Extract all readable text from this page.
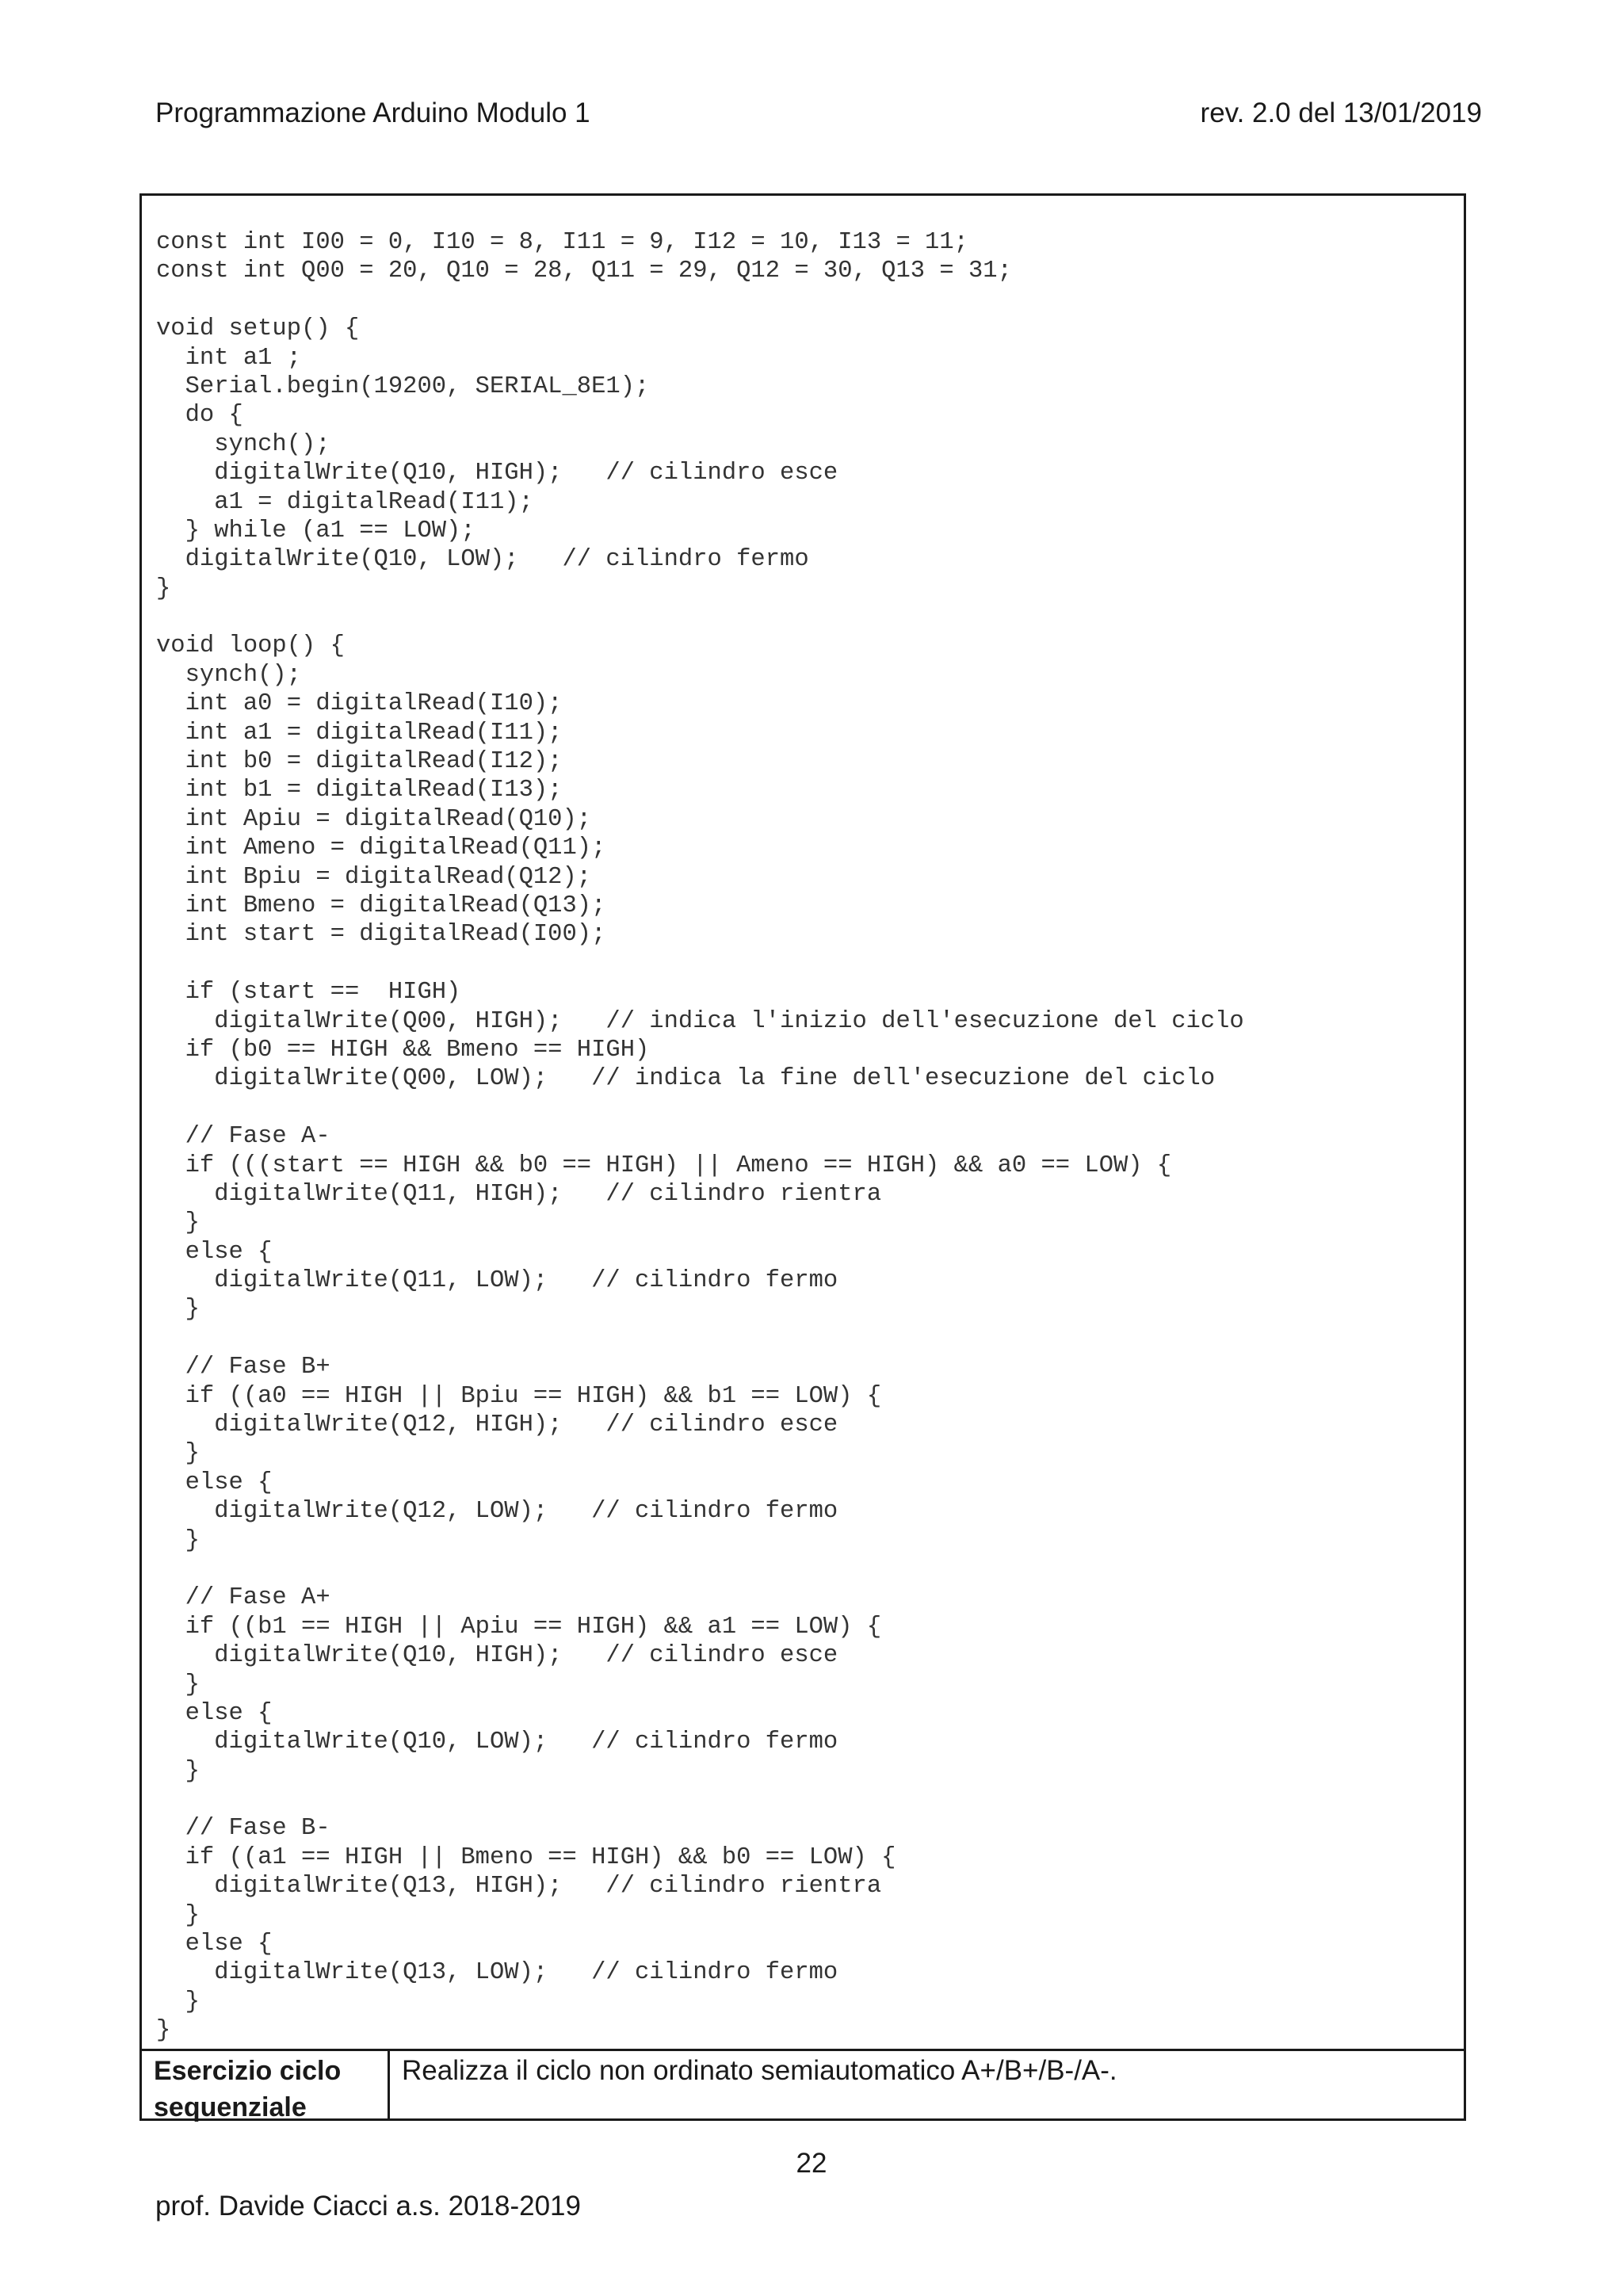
Programmazione Arduino Modulo 1	rev. 2.0 del 13/01/2019
const int I00 = 0, I10 = 8, I11 = 9, I12 = 10, I13 = 11;
const int Q00 = 20, Q10 = 28, Q11 = 29, Q12 = 30, Q13 = 31;
void setup() {
int a1 ;
Serial.begin(19200, SERIAL_8E1);
do {
synch();
digitalWrite(Q10, HIGH);   // cilindro esce
a1 = digitalRead(I11);
} while (a1 == LOW);
digitalWrite(Q10, LOW);   // cilindro fermo
}
void loop() {
synch();
int a0 = digitalRead(I10);
int a1 = digitalRead(I11);
int b0 = digitalRead(I12);
int b1 = digitalRead(I13);
int Apiu = digitalRead(Q10);
int Ameno = digitalRead(Q11);
int Bpiu = digitalRead(Q12);
int Bmeno = digitalRead(Q13);
int start = digitalRead(I00);
if (start ==  HIGH)
digitalWrite(Q00, HIGH);   // indica l'inizio dell'esecuzione del ciclo
if (b0 == HIGH && Bmeno == HIGH)
digitalWrite(Q00, LOW);   // indica la fine dell'esecuzione del ciclo
// Fase A-
if (((start == HIGH && b0 == HIGH) || Ameno == HIGH) && a0 == LOW) {
digitalWrite(Q11, HIGH);   // cilindro rientra
}
else {
digitalWrite(Q11, LOW);   // cilindro fermo
}
// Fase B+
if ((a0 == HIGH || Bpiu == HIGH) && b1 == LOW) {
digitalWrite(Q12, HIGH);   // cilindro esce
}
else {
digitalWrite(Q12, LOW);   // cilindro fermo
}
// Fase A+
if ((b1 == HIGH || Apiu == HIGH) && a1 == LOW) {
digitalWrite(Q10, HIGH);   // cilindro esce
}
else {
digitalWrite(Q10, LOW);   // cilindro fermo
}
// Fase B-
if ((a1 == HIGH || Bmeno == HIGH) && b0 == LOW) {
digitalWrite(Q13, HIGH);   // cilindro rientra
}
else {
digitalWrite(Q13, LOW);   // cilindro fermo
}
}
Esercizio ciclo
sequenziale
Realizza il ciclo non ordinato semiautomatico A+/B+/B-/A-.
22
prof. Davide Ciacci a.s. 2018-2019
